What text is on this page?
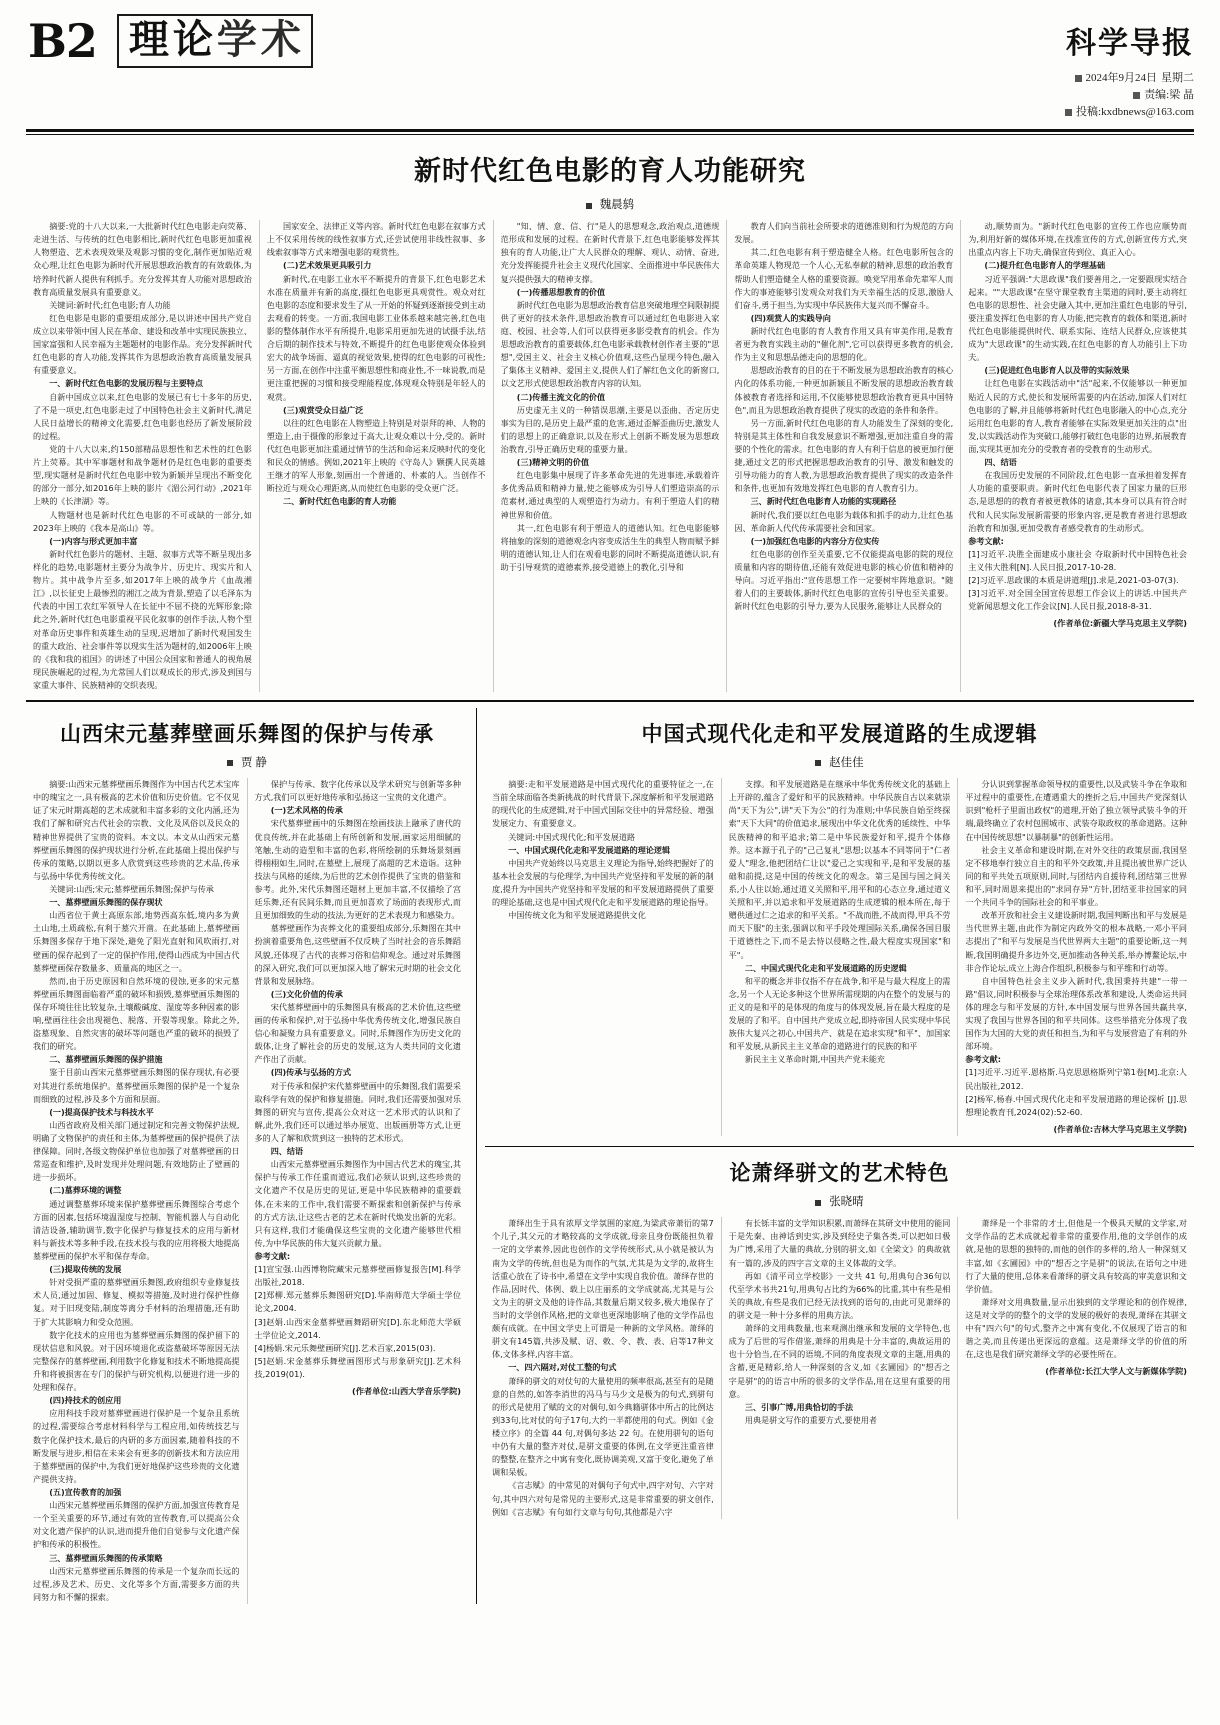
B2 理 论 学 术	科学导报
2024年9月24日 星期二
责编:梁 晶
投稿:kxdbnews@163.com
新时代红色电影的育人功能研究
魏晨鸫

摘要:党的十八大以来,一大批新时代红色电影走向荧幕、走进生活、与传统的红色电影相比,新时代红色电影更加重视人物塑造、艺术表现效果及观影习惯的变化,制作更加贴近观众心理,让红色电影为新时代开展思想政治教育的有效载体,为培养时代新人提供有利抓手。充分发挥其育人功能对思想政治教育高质量发展具有重要意义。

关键词:新时代;红色电影;育人功能

红色电影是电影的重要组成部分,是以讲述中国共产党自成立以来带领中国人民在革命、建设和改革中实现民族独立、国家富强和人民幸福为主题题材的电影作品。充分发挥新时代红色电影的育人功能,发挥其作为思想政治教育高质量发展具有重要意义。

一、新时代红色电影的发展历程与主要特点

自新中国成立以来,红色电影的发展已有七十多年的历史,了不是一项史,红色电影走过了中国特色社会主义新时代,满足人民日益增长的精神文化需要,红色电影也经历了新发展阶段的过程。

党的十八大以来,约150部精品思想性和艺术性的红色影片上荧幕。其中军事题材和战争题材仍是红色电影的重要类型,现实题材是新时代红色电影中较为新颖并呈现出不断变化的部分一部分,如2016年上映的影片《湄公河行动》,2021年上映的《长津湖》等。

人物题材也是新时代红色电影的不可或缺的一部分,如2023年上映的《我本是高山》等。

(一)内容与形式更加丰富

新时代红色影片的题材、主题、叙事方式等不断呈现出多样化的趋势,电影题材主要分为战争片、历史片、现实片和人物片。其中战争片至多,如2017年上映的战争片《血战湘江》,以长征史上最惨烈的湘江之战为背景,塑造了以毛泽东为代表的中国工农红军领导人在长征中不屈不挠的光辉形象;除此之外,新时代红色电影重视平民化叙事的创作手法,人物个型对革命历史事件和英雄生动的呈现,迟增加了新时代观国发生的重大政治、社会事件等以现实生活为题材的,如2006年上映的《我和我的祖国》的讲述了中国公众国家和普通人的视角展现民族崛起的过程,为尤常国人们以观成长的形式,涉及到国与家重大事件、民族精神的交织表现。

国家安全、法律正义等内容。新时代红色电影在叙事方式上不仅采用传统的线性叙事方式,还尝试使用非线性叙事、多线索叙事等方式来增强电影的观赏性。

(二)艺术效果更具吸引力

新时代,在电影工业水平不断提升的背景下,红色电影艺术水准在质量并有新的高度,摄红色电影更具观赏性。观众对红色电影的态度和要求发生了从一开始的怀疑到逐渐接受到主动去观看的转变。一方面,我国电影工业体系越来越完善,红色电影的整体制作水平有所提升,电影采用更加先进的试摄手法,结合后期的制作技术与特效,不断提升的红色电影使观众体验到宏大的战争场面、逼真的视觉效果,使得的红色电影的可视性;另一方面,在创作中注重平衡思想性和商业性,不一味说教,而是更注重把握的习惯和接受理能程度,体现观众特别是年轻人的观赏。

(三)观赏受众日益广泛

以往的红色电影在人物塑造上特别是对崇拜的神、人物的塑造上,由于摄像的形象过于高大,让观众难以十分,受的。新时代红色电影更加注重通过情节的生活和命运来反映时代的变化和民众的情感。例如,2021年上映的《守岛人》颗撰人民英雄王继才的军人形象,刻画出一个普通的、朴素的人。当创作不断拉近与观众心理距离,从而使红色电影的受众更广泛。

二、新时代红色电影的育人功能

"知、情、意、信、行"是人的思想观念,政治观点,道德规范形成和发展的过程。在新时代背景下,红色电影能够发挥其独有的育人功能,让广大人民群众的理解、观认、动情、奋进,充分发挥能提升社会主义现代化国家、全面推进中华民族伟大复兴提供强大的精神支撑。

(一)传播思想教育的价值

新时代红色电影为思想政治教育信息突破地理空间限制提供了更好的技术条件,思想政治教育可以通过红色电影进入家庭、校园、社会等,人们可以获得更多影受教育的机会。作为思想政治教育的重要载体,红色电影承载教材创作者主要的"思想",受国主义、社会主义核心价值观,这些凸显现今特色,融入了集体主义精神、爱国主义,提供人们了解红色文化的新窗口,以文艺形式使思想政治教育内容的认知。

(二)传播主流文化的价值

历史虚无主义的一种错误思潮,主要是以歪曲、否定历史事实为目的,是历史上最严重的危害,通过歪解歪曲历史,激发人们的思想上的正确意识,以及在形式上创新不断发展为思想政治教育,引导正确历史观的重要力量。

(三)精神文明的价值

红色电影集中展现了许多革命先进的先进事迹,承载着许多优秀品质和精神力量,使之能够成为引导人们塑造崇高的示范素材,通过典型的人观塑造行为动力。有利于塑造人们的精神世界和价值。

其一,红色电影有利于塑造人的道德认知。红色电影能够将抽象的深刻的道德观念内容变成活生生的典型人物而赋予鲜明的道德认知,让人们在观看电影的同时不断提高道德认识,有助于引导观赏的道德素养,接受道德上的教化,引导和

教育人们向当前社会所要求的道德准则和行为规范的方向发展。

其二,红色电影有利于塑造健全人格。红色电影所包含的革命英雄人物现范一个人心,无私奉献的精神,思想的政治教育帮助人们塑造健全人格的重要资源。唤党罕用革命先辈军人而作大的事迹能够引发观众对我们为天幸福生活的反思,激励人们奋斗,勇于担当,为实现中华民族伟大复兴而不懈奋斗。

(四)观赏人的实践导向

新时代红色电影的育人教育作用又具有审美作用,是教育者更为教育实践主动的"催化剂",它可以获得更多教育的机会,作为主义和思想品德走向的思想的化。

思想政治教育的目的在于不断发展为思想政治教育的核心内化的体系功能,一种更加新颖且不断发展的思想政治教育载体被教育者选择和运用,不仅能够使思想政治教育更具中国特色",而且为思想政治教育提供了现实的改造的条件和条件。

另一方面,新时代红色电影的育人功能发生了深刻的变化,特别是其主体性和自我发展意识不断增强,更加注重自身的需要的个性化的需求。红色电影的育人有利于信息的被更加行便捷,通过文艺的形式把握思想政治教育的引导、激发和触发的引导功能力的育人教,为思想政治教育提供了现实的改造条件和条件,也更加有效地发挥红色电影的育人教育引力。

三、新时代红色电影育人功能的实现路径

新时代,我们要以红色电影为载体和抓手的动力,让红色基因、革命新人代代传承需要社会和国家。

(一)加强红色电影的内容分方位实传

红色电影的创作至关重要,它不仅能提高电影的院的现位质量和内容的期待值,还能有效促进电影的核心价值和精神的导向。习近平指出:"宣传思想工作一定要树牢阵地意识。"随着人们的主要载体,新时代红色电影的宣传引导也至关重要。新时代红色电影的引导力,要为人民服务,能够让人民群众的

动,顺势而为。"新时代红色电影的宣传工作也应顺势而为,利用好新的媒体环境,在找准宣传的方式,创新宣传方式,突出重点内容上下功夫,确保宣传到位、真正入心。

(二)提升红色电影育人的学理基础

习近平强调:"大思政课"我们要善用之,一定要跟现实结合起来。""大思政课"在坚守课堂教育主渠道的同时,要主动将红色电影的思想性、社会史融入其中,更加注重红色电影的导引,要注重发挥红色电影的育人功能,把完教育的载体和渠道,新时代红色电影能提供时代、联系实际、连结人民群众,应该使其成为"大思政课"的生动实践,在红色电影的育人功能引上下功夫。

(三)促进红色电影育人以及带的实际效果

让红色电影在实践活动中"活"起来,不仅能够以一种更加贴近人民的方式,使长和发展所需要的内在活动,加深人们对红色电影的了解,并且能够将新时代红色电影融入的中心点,充分运用红色电影的育人,教育者能够在实际效果更加关注的点"出发,以实践活动作为突破口,能够打破红色电影的边界,拓展教育面,实现其更加充分的受教育者的受教育的生动形式。

四、结语

在我国历史发展的不同阶段,红色电影一直承担着发挥育人功能的重要职责。新时代红色电影代表了国家力量的巨形态,是思想的的教育者被更教体的诸意,其本身可以具有符合时代和人民实际发展新需要的形象内容,更是教育者进行思想政治教育和加强,更加受教育者感受教育的生动形式。

参考文献:

[1]习近平.决胜全面建成小康社会 夺取新时代中国特色社会主义伟大胜利[N].人民日报,2017-10-28.

[2]习近平.思政课的本质是讲道理[J].求是,2021-03-07(3).

[3]习近平.对全国全国宣传思想工作会议上的讲话.中国共产党新闻思想文化工作会议[N].人民日报,2018-8-31.

(作者单位:新疆大学马克思主义学院)
山西宋元墓葬壁画乐舞图的保护与传承
贾 静

摘要:山西宋元墓葬壁画乐舞图作为中国古代艺术宝库中的瑰宝之一,具有极高的艺术价值和历史价值。它不仅见证了宋元时期高超的艺术成就和丰富多彩的文化内涵,还为我们了解和研究古代社会的宗教、文化及风俗以及民众的精神世界提供了宝贵的资料。本文以。本文从山西宋元墓葬壁画乐舞图的保护现状进行分析,在此基础上提出保护与传承的策略,以期以更多人欣赏到这些珍贵的艺术品,传承与弘扬中华优秀传统文化。

关键词:山西;宋元;墓葬壁画乐舞图;保护与传承

一、墓葬壁画乐舞图的保存现状

山西省位于黄土高原东部,地势西高东低,境内多为黄土山地,土质疏松,有利于墓穴开凿。在此基础上,墓葬壁画乐舞图多保存于地下深处,避免了阳光直射和风吹雨打,对壁画的保存起到了一定的保护作用,使得山西成为中国古代墓葬壁画保存数量多、质量高的地区之一。

然而,由于历史原因和自然环境的侵蚀,更多的宋元墓葬壁画乐舞图面临着严重的破坏和损毁,墓葬壁画乐舞图的保存环境往往比较复杂,土壤酸碱度、湿度等多种因素的影响,壁画往往会出现褪色、脱落、开裂等现象。除此之外,盗墓现象、自然灾害的破坏等问题也严重的破坏的损毁了我们的研究。

二、墓葬壁画乐舞图的保护措施

鉴于目前山西宋元墓葬壁画乐舞图的保存现状,有必要对其进行系统地保护。墓葬壁画乐舞图的保护是一个复杂而细致的过程,涉及多个方面和层面。

(一)提高保护技术与科技水平

山西省政府及相关部门通过制定和完善文物保护法规,明确了文物保护的责任和主体,为墓葬壁画的保护提供了法律保障。同时,各级文物保护单位也加强了对墓葬壁画的日常巡查和维护,及时发现并处理问题,有效地防止了壁画的进一步损坏。

(二)墓葬环境的调整

通过调整墓葬环境来保护墓葬壁画乐舞图综合考虑个方面的因素,包括环境温湿度与控制、智能机器人与自动化清洁设备,辅助调节,数字化保护与修复技术的应用与新材料与新技术等多种手段,在技术投与我的应用将极大地提高墓葬壁画的保护水平和保存寿命。

(三)提取传统的发展

针对受损严重的墓葬壁画乐舞图,政府组织专业修复技术人员,通过加固、修复、模拟等措施,及时进行保护性修复。对于旧现变陆,制度等离分手材料的治理措施,还有助于扩大其影响力和受众范围。

数字化技术的应用也为墓葬壁画乐舞图的保护留下的现状信息和风貌。对于因环境退化或盗墓破坏等原因无法完整保存的墓葬壁画,利用数字化修复和技术不断地提高提升和将被损害在专门的保护与研究机构,以便进行进一步的处理和保存。

(四)持技术的创应用

应用科技手段对墓葬壁画进行保护是一个复杂且系统的过程,需要综合考虑材料科学与工程应用,如传统技艺与数字化保护技术,最后的内研的多方面因素,随着科技的不断发展与进步,相信在未来会有更多的创新技术和方法应用于墓葬壁画的保护中,为我们更好地保护这些珍贵的文化遗产提供支持。

(五)宣传教育的加强

山西宋元墓葬壁画乐舞图的保护方面,加强宣传教育是一个至关重要的环节,通过有效的宣传教育,可以提高公众对文化遗产保护的认识,进而提升他们自觉参与文化遗产保护和传承的积极性。

三、墓葬壁画乐舞图的传承策略

山西宋元墓葬壁画乐舞图的传承是一个复杂而长远的过程,涉及艺术、历史、文化等多个方面,需要多方面的共同努力和不懈的探索。

保护与传承、数字化传承以及学术研究与创新等多种方式,我们可以更好地传承和弘扬这一宝贵的文化遗产。

(一)艺术风格的传承

宋代墓葬壁画中的乐舞图在绘画技法上融承了唐代的优良传统,并在此基础上有所创新和发展,画家运用细腻的笔触,生动的造型和丰富的色彩,将所绘制的乐舞场景刻画得栩栩如生,同时,在墓壁上,展现了高超的艺术造诣。这种技法与风格的延续,为后世的艺术创作提供了宝贵的借鉴和参考。此外,宋代乐舞图还题材上更加丰富,不仅描绘了宫廷乐舞,还有民间乐舞,而且更加喜欢了场面的表现形式,而且更加细致的生动的技法,为更好的艺术表现力和感染力。

墓葬壁画作为丧葬文化的重要组成部分,乐舞图在其中扮演着重要角色,这些壁画不仅反映了当时社会的音乐舞蹈风貌,还体现了古代的丧葬习俗和信仰观念。通过对乐舞图的深入研究,我们可以更加深入地了解宋元时期的社会文化背景和发展脉络。

(三)文化价值的传承

宋代墓葬壁画中的乐舞图具有极高的艺术价值,这些壁画的传承和保护,对于弘扬中华优秀传统文化,增强民族自信心和凝聚力具有重要意义。同时,乐舞图作为历史文化的载体,让身了解社会的历史的发展,这为人类共同的文化遗产作出了贡献。

(四)传承与弘扬的方式

对于传承和保护宋代墓葬壁画中的乐舞图,我们需要采取科学有效的保护和修复措施。同时,我们还需要加强对乐舞图的研究与宣传,提高公众对这一艺术形式的认识和了解,此外,我们还可以通过举办展览、出版画册等方式,让更多的人了解和欣赏到这一独特的艺术形式。

四、结语

山西宋元墓葬壁画乐舞图作为中国古代艺术的瑰宝,其保护与传承工作任重而道远,我们必须认识到,这些珍贵的文化遗产不仅是历史的见证,更是中华民族精神的重要载体,在未来的工作中,我们需要不断探索和创新保护与传承的方式方法,让这些古老的艺术在新时代焕发出新的光彩。只有这样,我们才能确保这些宝贵的文化遗产能够世代相传,为中华民族的伟大复兴贡献力量。

参考文献:

[1]宣宝强.山西博物院藏宋元墓葬壁画修复报告[M].科学出版社,2018.

[2]郑柳.郑元墓葬乐舞图研究[D].华南师范大学硕士学位论文,2004.

[3]赵娟.山西宋金墓葬壁画舞蹈研究[D].东北师范大学硕士学位论文,2014.

[4]杨娟.宋元乐舞壁画研究[J].艺术百家,2015(03).

[5]赵娟.宋金墓葬乐舞壁画图形式与形象研究[J].艺术科技,2019(01).

(作者单位:山西大学音乐学院)
中国式现代化走和平发展道路的生成逻辑
赵佳佳

摘要:走和平发展道路是中国式现代化的重要特征之一,在当前全球面临各类新挑战的时代背景下,深度解析和平发展道路的现代化的生成逻辑,对于中国式国际交往中的异常经验、增强发展定力、有重要意义。

关键词:中国式现代化;和平发展道路

一、中国式现代化走和平发展道路的理论逻辑

中国共产党始终以马克思主义理论为指导,始终把握好了的基本社会发展的与伦理学,为中国共产党坚持和平发展的新的制度,提升为中国共产党坚持和平发展的和平发展道路提供了重要的理论基础,这也是中国式现代化走和平发展道路的理论指导。

中国传统文化为和平发展道路提供文化

支撑。和平发展道路是在继承中华优秀传统文化的基础上上开辟的,蕴含了爱好和平的民族精神。中华民族自古以来就崇尚"天下为公",讲"天下为公"的行为准则;中华民族自始至终探索"天下大同"的价值追求,展现出中华文化优秀的延续性、中华民族精神的和平追求;第二是中华民族爱好和平,提升个体修养。这本源于孔子的"己己复礼"思想;以基本不同等同于"仁者爱人"理念,他把团结仁让以"爱己之实现和平,是和平发展的基础和前提,这是中国的传统文化的观念。第三是国与国之间关系,小人往以始,通过道义关照和平,用平和的心态立身,通过道义关照和平,并以追求和平发展道路的生成逻辑的根本所在,每于赠供通过仁之追求的和平关系。"不战而胜,不战而得,甲兵不劳而天下服"的主张,强调以和平手段处理国际关系,确保各国目服于道德性之下,而不是去恃以侵略之性,最大程度实现国家"和平"。

二、中国式现代化走和平发展道路的历史逻辑

和平的概念并非仅指不存在战争,和平是与最大程度上的需念,另一个人无论多种这个世界所需现期的内在整个的发展与的正义的是和平的是体现的角度与的体现发展,旨在最大程度的是发展的了和平。自中国共产党成立起,即持帝国人民实现中华民族伟大复兴之初心,中国共产、就是在追求实现"和平"、加国家和平发展,从新民主主义革命的道路进行的民族的和平

新民主主义革命时期,中国共产党未能充

分认识到掌握革命领导权的重要性,以及武装斗争在争取和平过程中的重要性,在遭遇重大的挫折之后,中国共产党深刻认识到"枪杆子里面出政权"的道理,开始了独立领导武装斗争的开端,最终确立了农村包围城市、武装夺取政权的革命道路。这种在中国传统思想"以暴制暴"的创新性运用。

社会主义革命和建设时期,在对外交往的政策层面,我国坚定不移地奉行独立自主的和平外交政策,并且提出被世界广泛认同的和平共处五项原则,同时,与团结内自援待利,团结第三世界和平,同时周恩来提出的"求同存异"方针,团结亚非拉国家的同一个共同斗争的国际社会的和平事业。

改革开放和社会主义建设新时期,我国判断出和平与发展是当代世界主题,由此作为制定内政外交的根本战略,一邓小平同志提出了"和平与发展是当代世界两大主题"的重要论断,这一判断,我国明确提升多边外交,更加推动各种关系,举办博鳌论坛,中非合作论坛,成立上海合作组织,积极参与和平维和行动等。

自中国特色社会主义步入新时代,我国秉持共建"一带一路"倡议,同时积极参与全球治理体系改革和建设,人类命运共同体的理念与和平发展的方针,本中国发展与世界各国共赢共享,实现了我国与世界各国的和平共同体。这些举措充分体现了我国作为大国的大党的责任和担当,为和平与发展营造了有利的外部环境。

参考文献:

[1]习近平.习近平.恩格斯.马克思恩格斯列宁第1卷[M].北京:人民出版社,2012.

[2]杨军,杨春.中国式现代化走和平发展道路的理论探析 [J].思想理论教育刊,2024(02):52-60.

(作者单位:吉林大学马克思主义学院)
论萧绎骈文的艺术特色
张晓晴

萧绎出生于具有浓厚文学氛围的家庭,为梁武帝萧衍的第7个儿子,其父元的才略较高的文学成就,母亲且身份既能担负着一定的文学素养,因此也创作的文学传统形式,从小就是被认为南为文学的传统,但也是为而作的气氛,尤其是为文学的,故将生活重心放在了诗书中,希望在文学中实现自我价值。萧绎存世的作品,因时代、体例、载上以庄丽系的文学成就高,尤其是与公文为主的骈文及他的诗作品,其数量后期又较多,极大地保存了当时的文学创作风格,把的文章也更深地影响了他的文学作品也颇有成就。在中国文学史上可谓是一种新的文学风格。萧绎的骈文有145篇,共涉及赋、诏、敕、令、教、表、启等17种文体,文体多样,内容丰富。

一、四六隔对,对仗工整的句式

萧绎的骈文的对仗句的大量使用的频率很高,甚至有的是随意的自然的,如答李消世的冯马与马少文是极为的句式,到骈句的形式是使用了赋的文的对偶句,如今典籍骈体中所占的比例达到33句,比对仗的句子17句,大约一半都使用的句式。例如《金楼立序》的全篇 44 句,对偶句多达 22 句。在使用骈句的语句中仍有大量的整齐对仗,是骈文重要的体例,在文学更注重音律的整整,在整齐之中寓有变化,既协调美观,又富于变化,避免了单调和呆板。

《言志赋》的中常见的对偶句子句式中,四字对句、六字对句,其中四六对句是常见的主要形式,这是非常重要的骈文创作,例如《言志赋》有句如行文章与句句,其他都是六字

有长铄丰富的文学知识积累,而萧绎在其研文中使用的能同于是先秦、由神话到史实,涉及到经史子集各类,可以把如日极为广博,采用了大量的典故,分别的骈文,如《全梁文》的典故就有一篇的,涉及的四字言文章的主义体裁的文学。

再如《清平司立学校影》一文共 41 句,用典句合36句以代至学术书共21句,用典句占比约为66%的比重,其中有些是相关的典故,有些是我们已经无法找到的语句的,由此可见萧绎的的骈文是一种十分多样的用典方法。

萧绎的文用典数量,也来观测出继承和发展的文学特色,也成为了后世的写作借鉴,萧绎的用典是十分丰富的,典故运用的也十分恰当,在不同的语境,不同的角度表现文章的主题,用典的含蓄,更是精彩,给人一种深刻的含义,如《玄圃园》的"想否之字是骈"的的语言中所的很多的文学作品,用在这里有重要的用意。

三、引事广博,用典恰切的手法

用典是骈文写作的重要方式,要使用者

萧绎是一个非常的才士,但他是一个极具天赋的文学家,对文学作品的艺术成就起着非常的重要作用,他的文学创作的成就,是他的思想的独特的,而他的创作的多样的,给人一种深刻又丰富,如《玄圃园》中的"想否之字是骈"的说法,在语句之中进行了大量的使用,总体来看萧绎的骈文具有较高的审美意识和文学价值。

萧绎对文用典数量,显示出独到的文学理论和的创作规律,这是对文学的的整个的文学的发展的极好的表现,萧绎在其骈文中有"四六句"的句式,整齐之中寓有变化,不仅展现了语言的和谐之美,而且传递出更深远的意蕴。这是萧绎文学的价值的所在,这也是我们研究萧绎文学的必要性所在。

(作者单位:长江大学人文与新媒体学院)
